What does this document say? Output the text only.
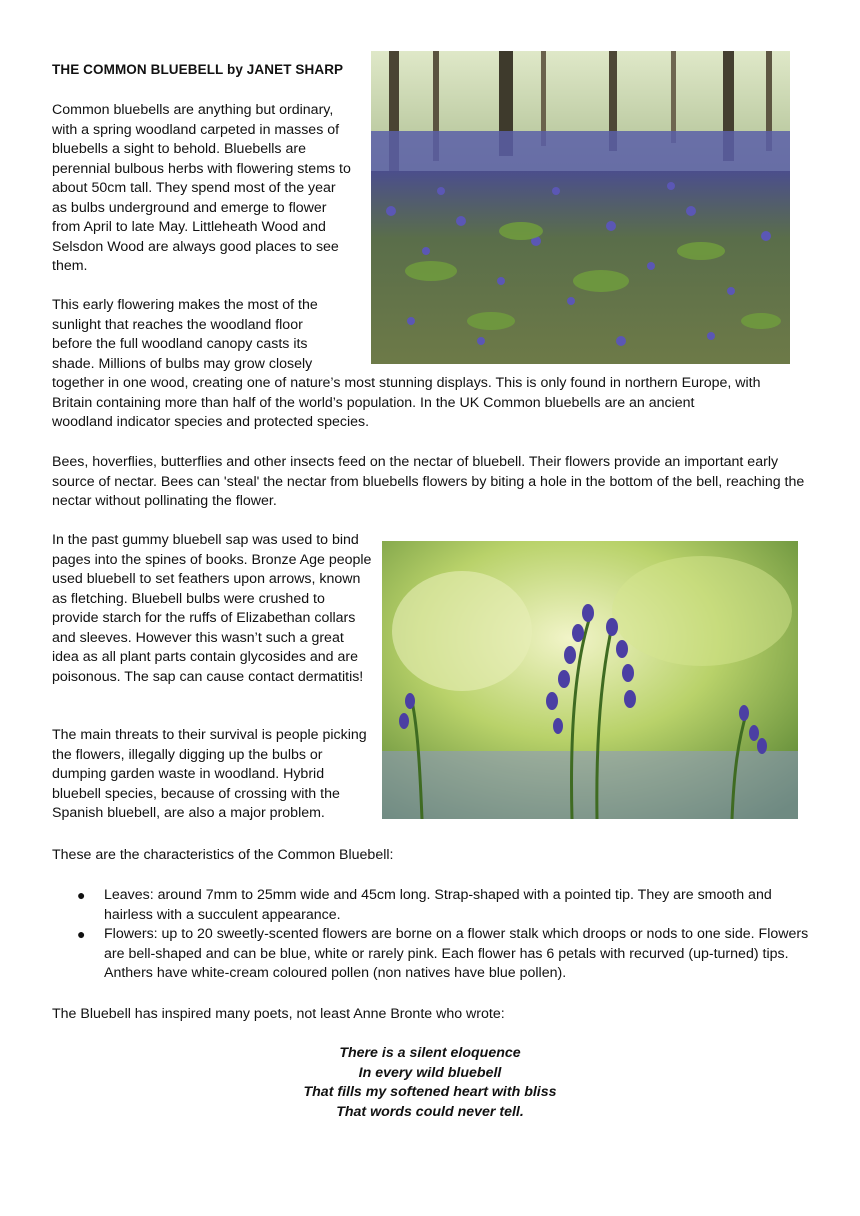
THE COMMON BLUEBELL by JANET SHARP

Common bluebells are anything but ordinary, with a spring woodland carpeted in masses of bluebells a sight to behold. Bluebells are perennial bulbous herbs with flowering stems to about 50cm tall. They spend most of the year as bulbs underground and emerge to flower from April to late May. Littleheath Wood and Selsdon Wood are always good places to see them.

This early flowering makes the most of the
sunlight that reaches the woodland floor
before the full woodland canopy casts its
shade. Millions of bulbs may grow closely
together in one wood, creating one of nature’s most stunning displays. This is only found in northern Europe, with
Britain containing more than half of the world’s population. In the UK Common bluebells are an ancient
woodland indicator species and protected species.

Bees, hoverflies, butterflies and other insects feed on the nectar of bluebell. Their flowers provide an important early source of nectar. Bees can 'steal' the nectar from bluebells flowers by biting a hole in the bottom of the bell, reaching the nectar without pollinating the flower.

In the past gummy bluebell sap was used to bind pages into the spines of books. Bronze Age people used bluebell to set feathers upon arrows, known as fletching. Bluebell bulbs were crushed to provide starch for the ruffs of Elizabethan collars and sleeves. However this wasn’t such a great idea as all plant parts contain glycosides and are poisonous. The sap can cause contact dermatitis!

The main threats to their survival is people picking the flowers, illegally digging up the bulbs or dumping garden waste in woodland. Hybrid bluebell species, because of crossing with the Spanish bluebell, are also a major problem.

These are the characteristics of the Common Bluebell:

● Leaves: around 7mm to 25mm wide and 45cm long. Strap-shaped with a pointed tip. They are smooth and hairless with a succulent appearance.
● Flowers: up to 20 sweetly-scented flowers are borne on a flower stalk which droops or nods to one side. Flowers are bell-shaped and can be blue, white or rarely pink. Each flower has 6 petals with recurved (up-turned) tips. Anthers have white-cream coloured pollen (non natives have blue pollen).

The Bluebell has inspired many poets, not least Anne Bronte who wrote:

There is a silent eloquence
In every wild bluebell
That fills my softened heart with bliss
That words could never tell.
